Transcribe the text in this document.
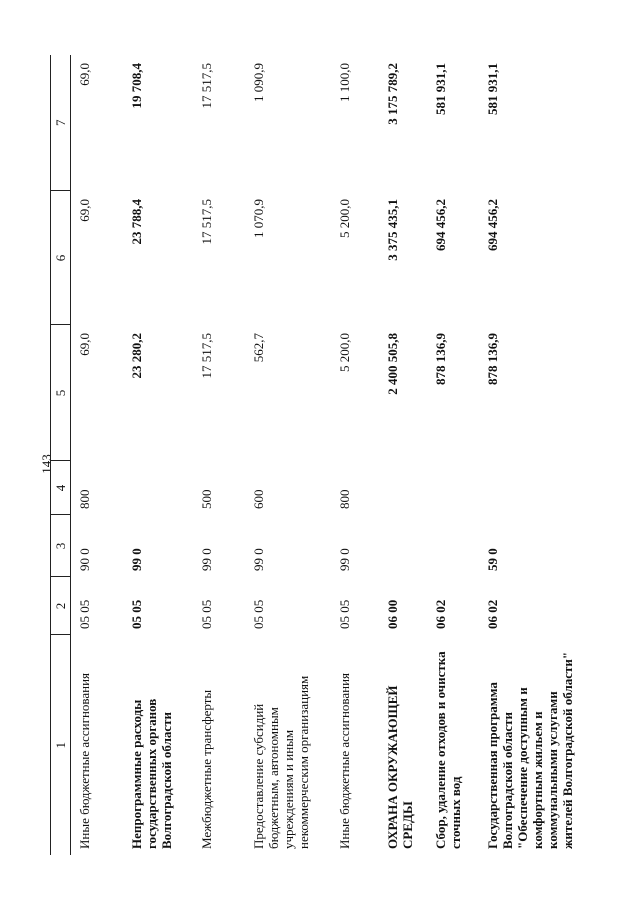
143
1	2	3	4	5	6	7
Иные бюджетные ассигнования	05 05	90 0	800	69,0	69,0	69,0
Непрограммные расходы государственных органов Волгоградской области	05 05	99 0		23 280,2	23 788,4	19 708,4
Межбюджетные трансферты	05 05	99 0	500	17 517,5	17 517,5	17 517,5
Предоставление субсидий бюджетным, автономным учреждениям и иным некоммерческим организациям	05 05	99 0	600	562,7	1 070,9	1 090,9
Иные бюджетные ассигнования	05 05	99 0	800	5 200,0	5 200,0	1 100,0
ОХРАНА ОКРУЖАЮЩЕЙ СРЕДЫ	06 00			2 400 505,8	3 375 435,1	3 175 789,2
Сбор, удаление отходов и очистка сточных вод	06 02			878 136,9	694 456,2	581 931,1
Государственная программа Волгоградской области "Обеспечение доступным и комфортным жильем и коммунальными услугами жителей Волгоградской области"	06 02	59 0		878 136,9	694 456,2	581 931,1
